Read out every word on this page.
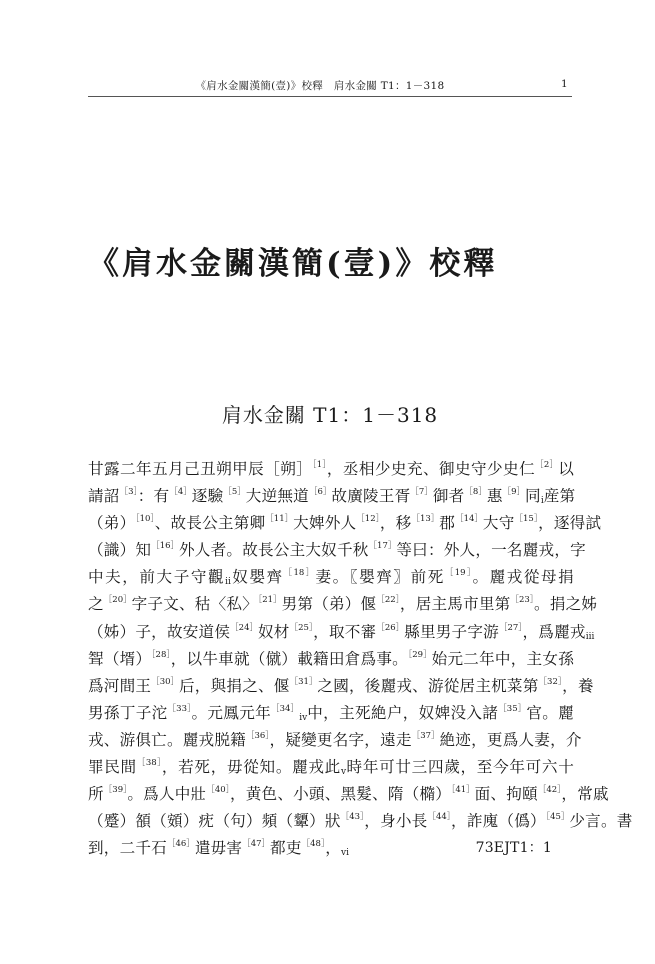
《肩水金關漢簡(壹)》校釋　肩水金關 T1：1－318	1
《肩水金關漢簡(壹)》校釋
肩水金關 T1：1－318
甘露二年五月己丑朔甲辰［朔］$^{[1]}$，丞相少史充、御史守少史仁$^{[2]}$以
請詔$^{[3]}$：有$^{[4]}$逐驗$^{[5]}$大逆無道$^{[6]}$故廣陵王胥$^{[7]}$御者$^{[8]}$惠$^{[9]}$同$_i$産第
（弟）$^{[10]}$、故長公主第卿$^{[11]}$大婢外人$^{[12]}$，移$^{[13]}$郡$^{[14]}$大守$^{[15]}$，逐得試
（識）知$^{[16]}$外人者。故長公主大奴千秋$^{[17]}$等曰：外人，一名麗戎，字
中夫，前大子守觀$_{ii}$奴嬰齊$^{[18]}$妻。〖嬰齊〗前死$^{[19]}$。麗戎從母捐
之$^{[20]}$字子文、秙〈私〉$^{[21]}$男第（弟）偃$^{[22]}$，居主馬市里第$^{[23]}$。捐之姊
（姊）子，故安道侯$^{[24]}$奴材$^{[25]}$，取不審$^{[26]}$縣里男子字游$^{[27]}$，爲麗戎$_{iii}$
聟（壻）$^{[28]}$，以牛車就（僦）載籍田倉爲事。$^{[29]}$始元二年中，主女孫
爲河間王$^{[30]}$后，與捐之、偃$^{[31]}$之國，後麗戎、游從居主杌菜第$^{[32]}$，養
男孫丁子沱$^{[33]}$。元鳳元年$^{[34]}_{iv}$中，主死絶户，奴婢没入諸$^{[35]}$官。麗
戎、游俱亡。麗戎脱籍$^{[36]}$，疑變更名字，遠走$^{[37]}$絶迹，更爲人妻，介
罪民間$^{[38]}$，若死，毋從知。麗戎此$_v$時年可廿三四歲，至今年可六十
所$^{[39]}$。爲人中壯$^{[40]}$，黄色、小頭、黑髮、隋（橢）$^{[41]}$面、拘頤$^{[42]}$，常戚
（蹙）頟（頞）㽸（句）頻（顰）狀$^{[43]}$，身小長$^{[44]}$，詐廆（僞）$^{[45]}$少言。書
到，二千石$^{[46]}$遣毋害$^{[47]}$都吏$^{[48]}$，$_{vi}$	73EJT1：1
